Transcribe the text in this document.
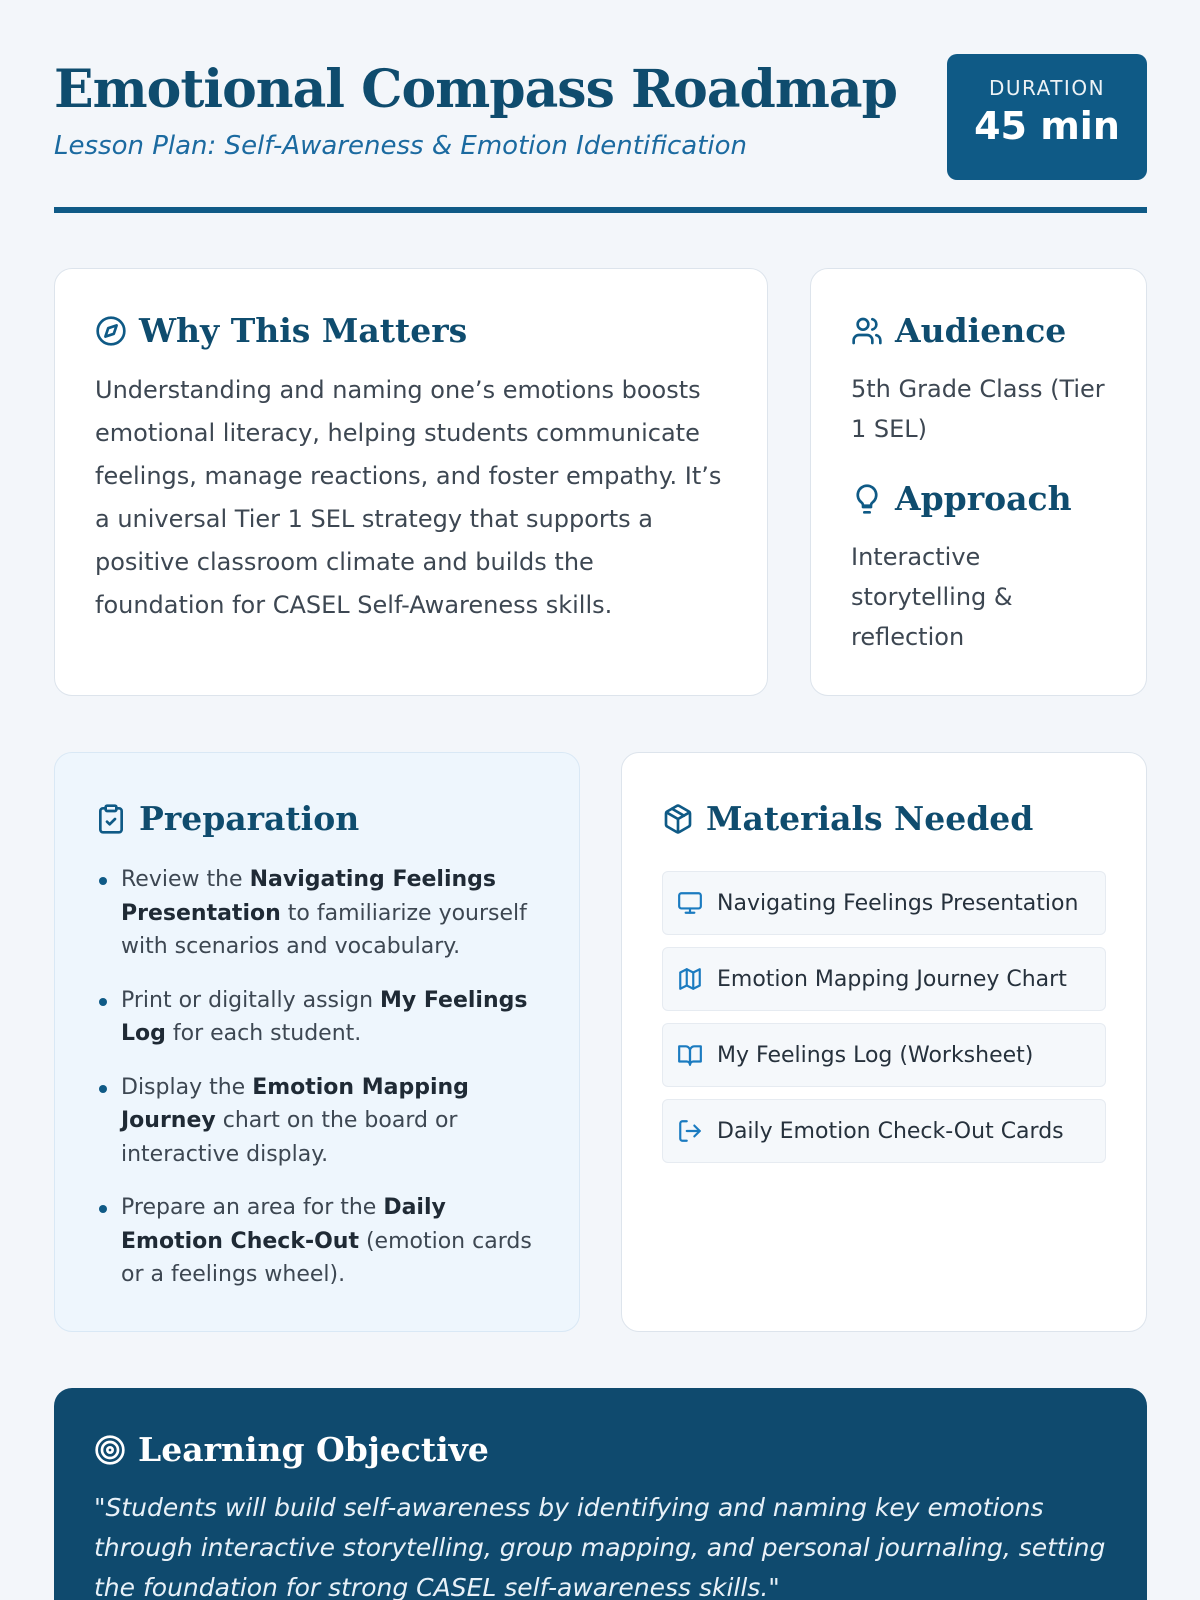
Emotional Compass Roadmap
Lesson Plan: Self-Awareness & Emotion Identification
DURATION
45 min
Why This Matters

Understanding and naming one’s emotions boosts emotional literacy, helping students communicate feelings, manage reactions, and foster empathy. It’s a universal Tier 1 SEL strategy that supports a positive classroom climate and builds the foundation for CASEL Self-Awareness skills.

Audience

5th Grade Class (Tier 1 SEL)

Approach

Interactive storytelling & reflection

Preparation
Review the Navigating Feelings Presentation to familiarize yourself with scenarios and vocabulary.
Print or digitally assign My Feelings Log for each student.
Display the Emotion Mapping Journey chart on the board or interactive display.
Prepare an area for the Daily Emotion Check-Out (emotion cards or a feelings wheel).
Materials Needed
Navigating Feelings Presentation
Emotion Mapping Journey Chart
My Feelings Log (Worksheet)
Daily Emotion Check-Out Cards
Learning Objective

"Students will build self-awareness by identifying and naming key emotions through interactive storytelling, group mapping, and personal journaling, setting the foundation for strong CASEL self-awareness skills."
